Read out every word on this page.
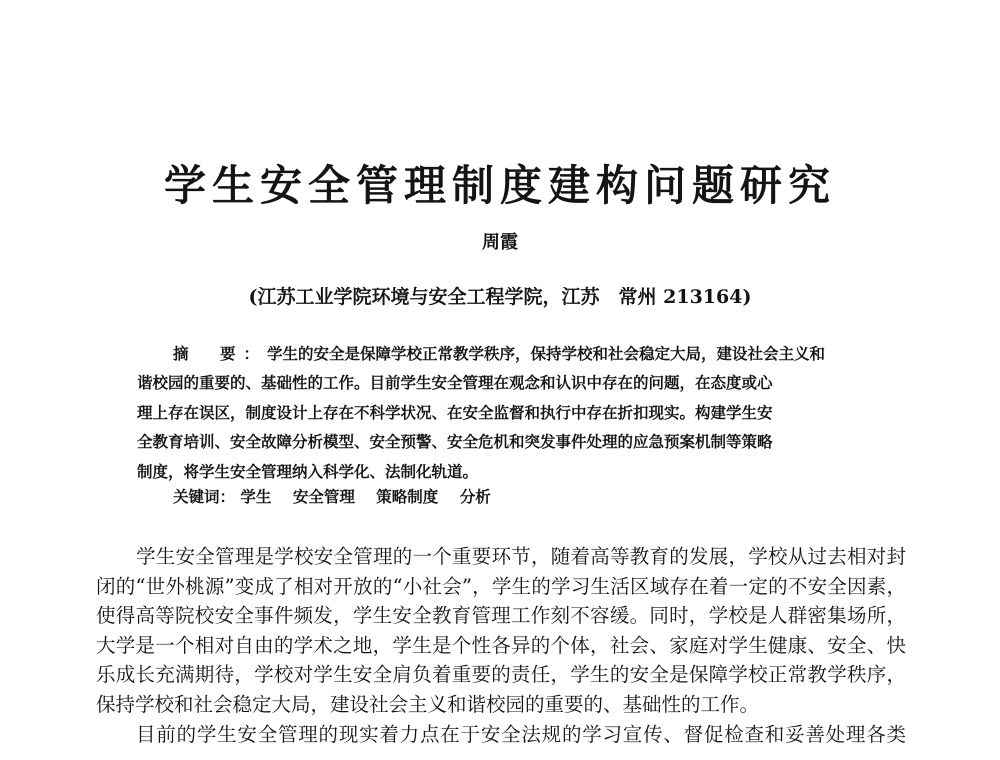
学生安全管理制度建构问题研究
周霞
(江苏工业学院环境与安全工程学院，江苏　常州 213164)
摘　要：学生的安全是保障学校正常教学秩序，保持学校和社会稳定大局，建设社会主义和
谐校园的重要的、基础性的工作。目前学生安全管理在观念和认识中存在的问题，在态度或心
理上存在误区，制度设计上存在不科学状况、在安全监督和执行中存在折扣现实。构建学生安
全教育培训、安全故障分析模型、安全预警、安全危机和突发事件处理的应急预案机制等策略
制度，将学生安全管理纳入科学化、法制化轨道。
关键词： 学生 安全管理 策略制度 分析
学生安全管理是学校安全管理的一个重要环节，随着高等教育的发展，学校从过去相对封
闭的“世外桃源”变成了相对开放的“小社会”，学生的学习生活区域存在着一定的不安全因素，
使得高等院校安全事件频发，学生安全教育管理工作刻不容缓。同时，学校是人群密集场所，
大学是一个相对自由的学术之地，学生是个性各异的个体，社会、家庭对学生健康、安全、快
乐成长充满期待，学校对学生安全肩负着重要的责任，学生的安全是保障学校正常教学秩序，
保持学校和社会稳定大局，建设社会主义和谐校园的重要的、基础性的工作。
目前的学生安全管理的现实着力点在于安全法规的学习宣传、督促检查和妥善处理各类
